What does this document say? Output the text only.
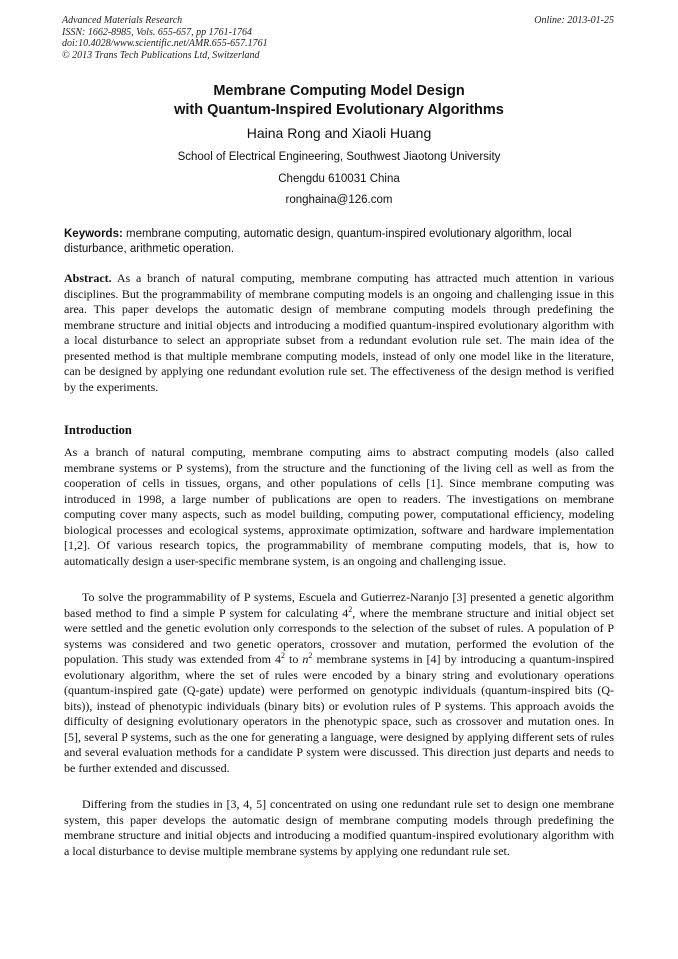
Advanced Materials Research
ISSN: 1662-8985, Vols. 655-657, pp 1761-1764
doi:10.4028/www.scientific.net/AMR.655-657.1761
© 2013 Trans Tech Publications Ltd, Switzerland
Online: 2013-01-25
Membrane Computing Model Design
with Quantum-Inspired Evolutionary Algorithms
Haina Rong and Xiaoli Huang
School of Electrical Engineering, Southwest Jiaotong University
Chengdu 610031 China
ronghaina@126.com
Keywords: membrane computing, automatic design, quantum-inspired evolutionary algorithm, local disturbance, arithmetic operation.

Abstract. As a branch of natural computing, membrane computing has attracted much attention in various disciplines. But the programmability of membrane computing models is an ongoing and challenging issue in this area. This paper develops the automatic design of membrane computing models through predefining the membrane structure and initial objects and introducing a modified quantum-inspired evolutionary algorithm with a local disturbance to select an appropriate subset from a redundant evolution rule set. The main idea of the presented method is that multiple membrane computing models, instead of only one model like in the literature, can be designed by applying one redundant evolution rule set. The effectiveness of the design method is verified by the experiments.

Introduction

As a branch of natural computing, membrane computing aims to abstract computing models (also called membrane systems or P systems), from the structure and the functioning of the living cell as well as from the cooperation of cells in tissues, organs, and other populations of cells [1]. Since membrane computing was introduced in 1998, a large number of publications are open to readers. The investigations on membrane computing cover many aspects, such as model building, computing power, computational efficiency, modeling biological processes and ecological systems, approximate optimization, software and hardware implementation [1,2]. Of various research topics, the programmability of membrane computing models, that is, how to automatically design a user-specific membrane system, is an ongoing and challenging issue.

To solve the programmability of P systems, Escuela and Gutierrez-Naranjo [3] presented a genetic algorithm based method to find a simple P system for calculating $4^2$, where the membrane structure and initial object set were settled and the genetic evolution only corresponds to the selection of the subset of rules. A population of P systems was considered and two genetic operators, crossover and mutation, performed the evolution of the population. This study was extended from $4^2$ to $n^2$ membrane systems in [4] by introducing a quantum-inspired evolutionary algorithm, where the set of rules were encoded by a binary string and evolutionary operations (quantum-inspired gate (Q-gate) update) were performed on genotypic individuals (quantum-inspired bits (Q-bits)), instead of phenotypic individuals (binary bits) or evolution rules of P systems. This approach avoids the difficulty of designing evolutionary operators in the phenotypic space, such as crossover and mutation ones. In [5], several P systems, such as the one for generating a language, were designed by applying different sets of rules and several evaluation methods for a candidate P system were discussed. This direction just departs and needs to be further extended and discussed.

Differing from the studies in [3, 4, 5] concentrated on using one redundant rule set to design one membrane system, this paper develops the automatic design of membrane computing models through predefining the membrane structure and initial objects and introducing a modified quantum-inspired evolutionary algorithm with a local disturbance to devise multiple membrane systems by applying one redundant rule set.
